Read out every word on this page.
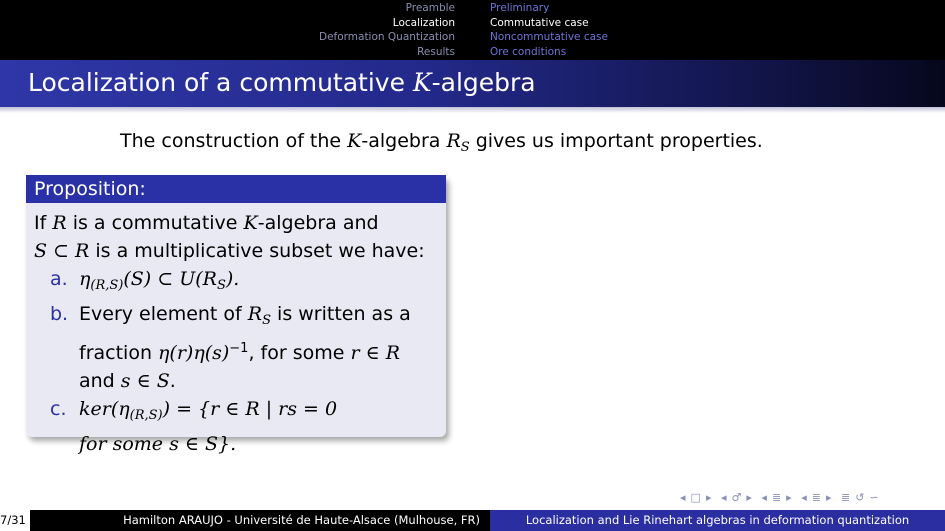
Preamble
Localization
Deformation Quantization
Results
Preliminary
Commutative case
Noncommutative case
Ore conditions
Localization of a commutative K-algebra
The construction of the K-algebra $R_S$ gives us important properties.
Proposition:
If R is a commutative K-algebra and
S ⊂ R is a multiplicative subset we have:
a. $\eta_{(R,S)}(S)$ ⊂ $U(R_S)$.
b. Every element of $R_S$ is written as a
fraction $\eta(r)\eta(s)^{-1}$, for some r ∈ R
and s ∈ S.
c. $ker(\eta_{(R,S)}) = \{r$ ∈ R | rs = 0
for some s ∈ S}.
◂ □ ▸ ◂ ♂ ▸ ◂ ≣ ▸ ◂ ≣ ▸ ≣ ↺ ∽
7/31	Hamilton ARAUJO - Université de Haute-Alsace (Mulhouse, FR)	Localization and Lie Rinehart algebras in deformation quantization
